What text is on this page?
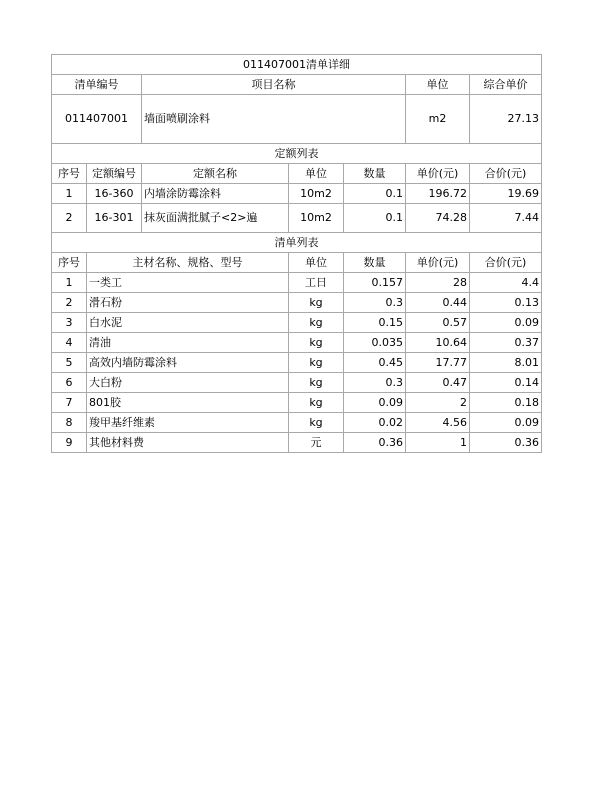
011407001清单详细						
清单编号		项目名称			单位	综合单价
011407001		墙面喷刷涂料			m2	27.13
定额列表						
序号	定额编号	定额名称	单位	数量	单价(元)	合价(元)
1	16-360	内墙涂防霉涂料	10m2	0.1	196.72	19.69
2	16-301	抹灰面满批腻子<2>遍	10m2	0.1	74.28	7.44
清单列表						
序号	主材名称、规格、型号		单位	数量	单价(元)	合价(元)
1	一类工		工日	0.157	28	4.4
2	滑石粉		kg	0.3	0.44	0.13
3	白水泥		kg	0.15	0.57	0.09
4	清油		kg	0.035	10.64	0.37
5	高效内墙防霉涂料		kg	0.45	17.77	8.01
6	大白粉		kg	0.3	0.47	0.14
7	801胶		kg	0.09	2	0.18
8	羧甲基纤维素		kg	0.02	4.56	0.09
9	其他材料费		元	0.36	1	0.36
